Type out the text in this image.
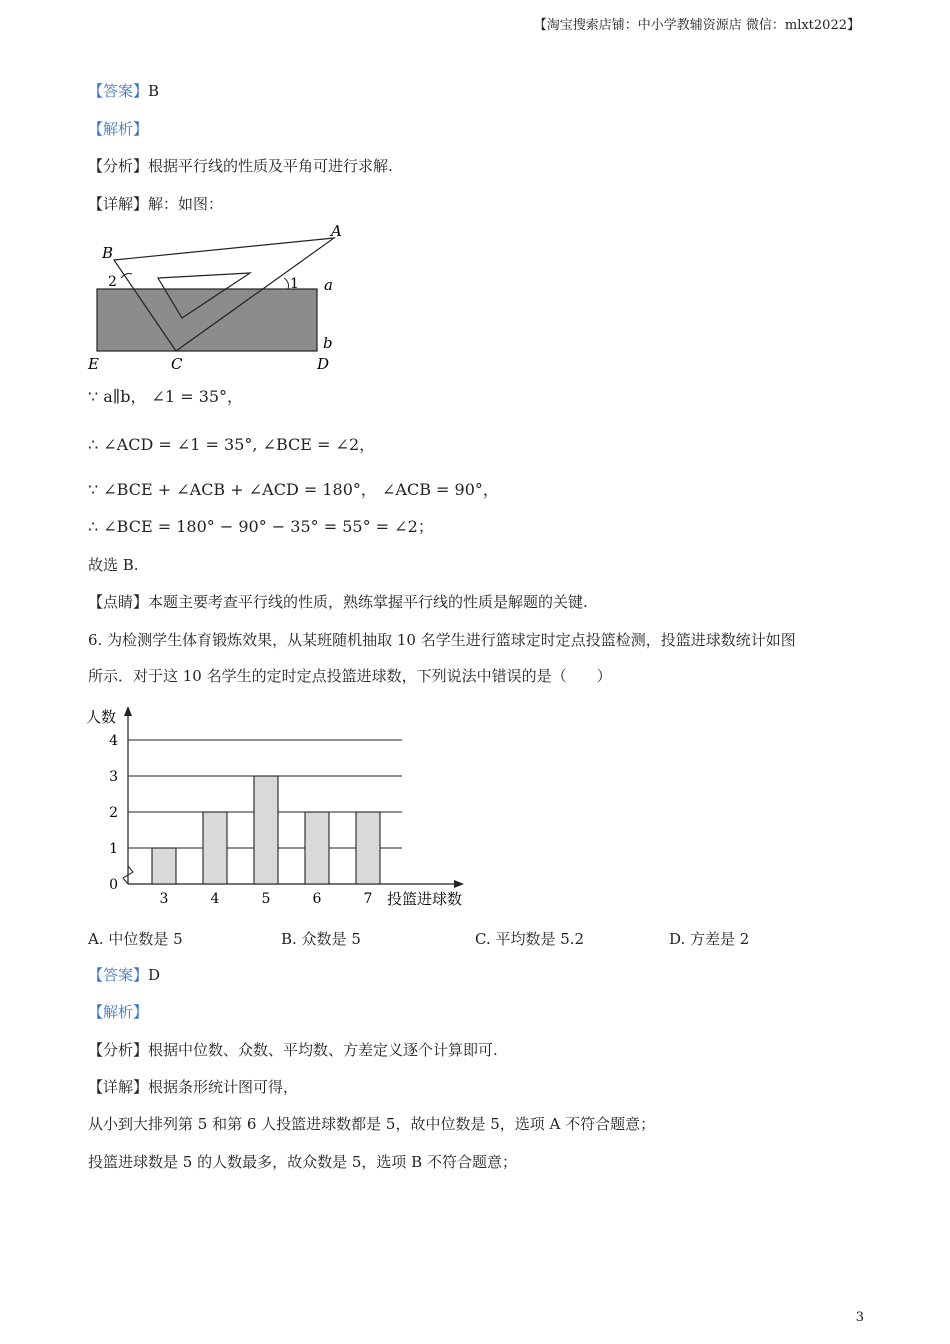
【淘宝搜索店铺：中小学教辅资源店 微信：mlxt2022】
【答案】B
【解析】
【分析】根据平行线的性质及平角可进行求解.
【详解】解：如图：
B
A
2	1 a
b
E	C	D
∵ a∥b， ∠1 = 35°，
∴ ∠ACD = ∠1 = 35°, ∠BCE = ∠2，
∵ ∠BCE + ∠ACB + ∠ACD = 180°， ∠ACB = 90°，
∴ ∠BCE = 180° − 90° − 35° = 55° = ∠2；
故选 B.
【点睛】本题主要考查平行线的性质，熟练掌握平行线的性质是解题的关键.
6. 为检测学生体育锻炼效果，从某班随机抽取 10 名学生进行篮球定时定点投篮检测，投篮进球数统计如图
所示．对于这 10 名学生的定时定点投篮进球数，下列说法中错误的是（　　）
人数
投篮进球数
0
1
2
3
4
3	4	5	6	7
A. 中位数是 5	B. 众数是 5	C. 平均数是 5.2	D. 方差是 2
【答案】D
【解析】
【分析】根据中位数、众数、平均数、方差定义逐个计算即可.
【详解】根据条形统计图可得，
从小到大排列第 5 和第 6 人投篮进球数都是 5，故中位数是 5，选项 A 不符合题意；
投篮进球数是 5 的人数最多，故众数是 5，选项 B 不符合题意；
3
